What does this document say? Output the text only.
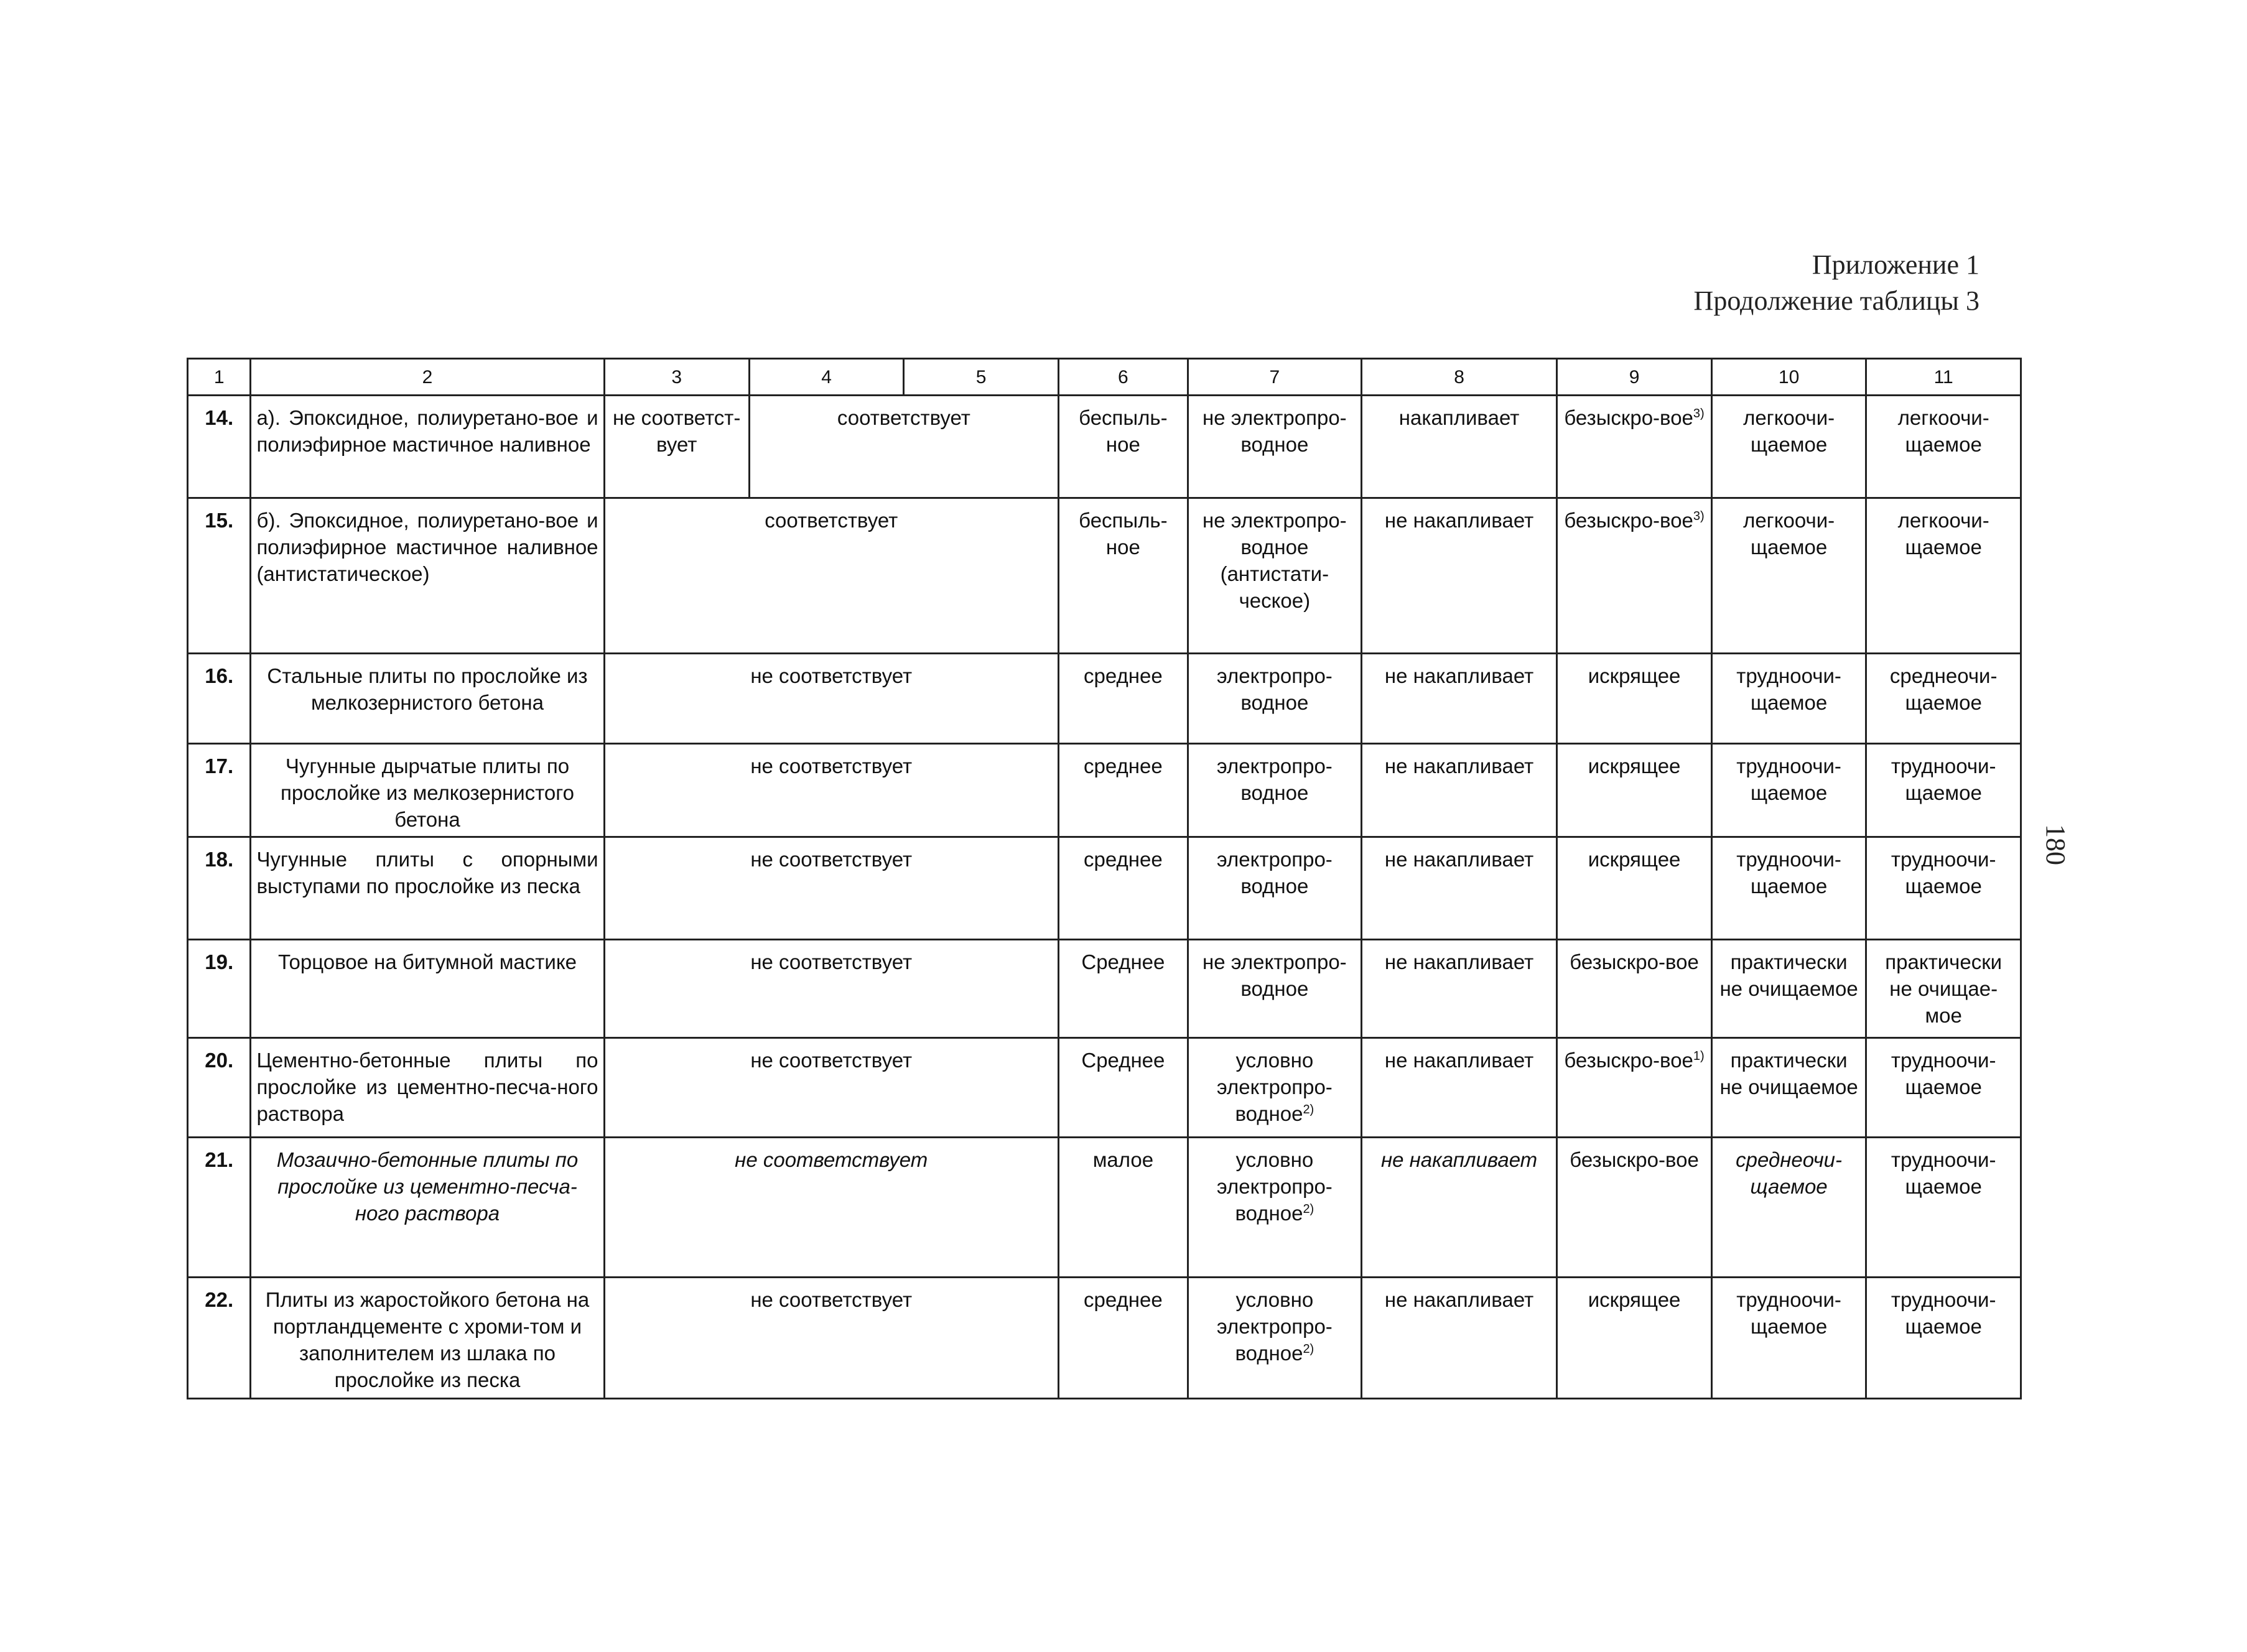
Приложение 1
Продолжение таблицы 3
180
1	2	3	4	5	6	7	8	9	10	11
14.	а). Эпоксидное, полиуретано-вое и полиэфирное мастичное наливное	не соответст-вует	соответствует		беспыль-ное	не электропро-водное	накапливает	безыскро-вое$^{3)}$	легкоочи-щаемое	легкоочи-щаемое
15.	б). Эпоксидное, полиуретано-вое и полиэфирное мастичное наливное (антистатическое)	соответствует			беспыль-ное	не электропро-водное (антистати-ческое)	не накапливает	безыскро-вое$^{3)}$	легкоочи-щаемое	легкоочи-щаемое
16.	Стальные плиты по прослойке из мелкозернистого бетона	не соответствует			среднее	электропро-водное	не накапливает	искрящее	трудноочи-щаемое	среднеочи-щаемое
17.	Чугунные дырчатые плиты по прослойке из мелкозернистого бетона	не соответствует			среднее	электропро-водное	не накапливает	искрящее	трудноочи-щаемое	трудноочи-щаемое
18.	Чугунные плиты с опорными выступами по прослойке из песка	не соответствует			среднее	электропро-водное	не накапливает	искрящее	трудноочи-щаемое	трудноочи-щаемое
19.	Торцовое на битумной мастике	не соответствует			Среднее	не электропро-водное	не накапливает	безыскро-вое	практически не очищаемое	практически не очищае-мое
20.	Цементно-бетонные плиты по прослойке из цементно-песча-ного раствора	не соответствует			Среднее	условно электропро-водное$^{2)}$	не накапливает	безыскро-вое$^{1)}$	практически не очищаемое	трудноочи-щаемое
21.	Мозаично-бетонные плиты по прослойке из цементно-песча-ного раствора	не соответствует			малое	условно электропро-водное$^{2)}$	не накапливает	безыскро-вое	среднеочи-щаемое	трудноочи-щаемое
22.	Плиты из жаростойкого бетона на портландцементе с хроми-том и заполнителем из шлака по прослойке из песка	не соответствует			среднее	условно электропро-водное$^{2)}$	не накапливает	искрящее	трудноочи-щаемое	трудноочи-щаемое
